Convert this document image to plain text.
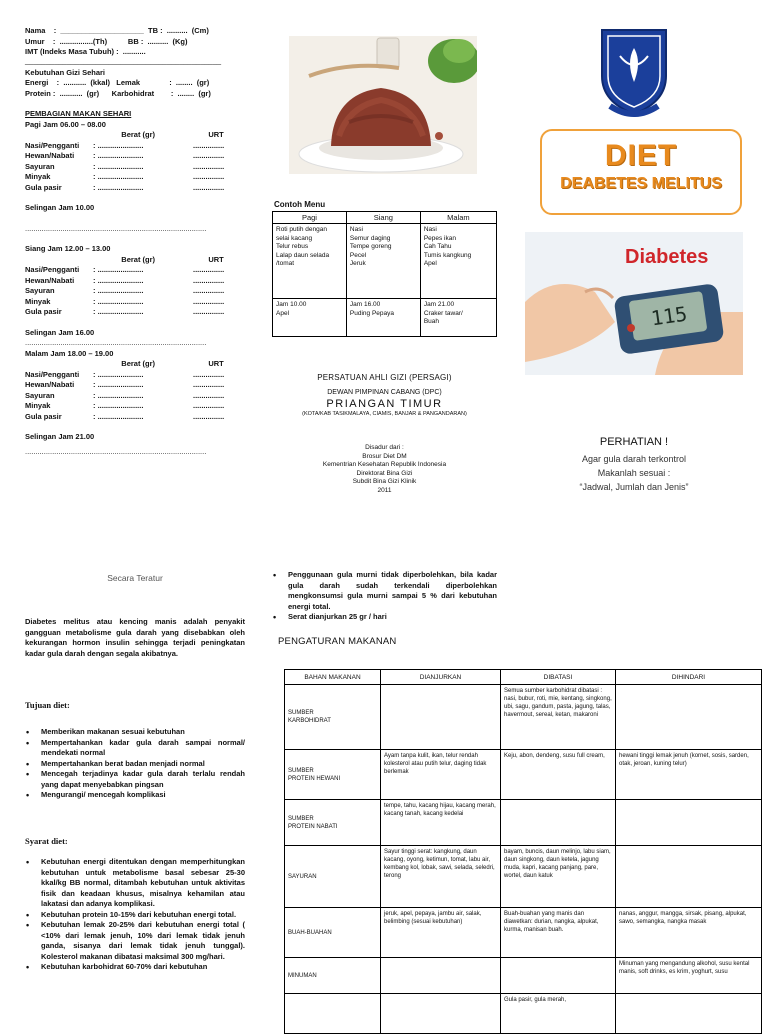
Nama    :  ____________________  TB :  ..........  (Cm)
Umur    :  ................(Th)          BB :  ..........  (Kg)
IMT (Indeks Masa Tubuh) :  ...........
_______________________________________________
Kebutuhan Gizi Sehari
Energi    :  ...........  (kkal)   Lemak              :  ........  (gr)
Protein :  ...........  (gr)      Karbohidrat        :  ........  (gr)
PEMBAGIAN MAKAN SEHARI
Pagi Jam 06.00 – 08.00
Berat (gr)	URT
Nasi/Pengganti	: ......................	...............
Hewan/Nabati	: ......................	...............
Sayuran	: ......................	...............
Minyak	: ......................	...............
Gula pasir	: ......................	...............
Selingan Jam 10.00
.......................................................................................
Siang Jam 12.00 – 13.00
Berat (gr)	URT
Nasi/Pengganti	: ......................	...............
Hewan/Nabati	: ......................	...............
Sayuran	: ......................	...............
Minyak	: ......................	...............
Gula pasir	: ......................	...............
Selingan Jam 16.00
.......................................................................................
Malam Jam 18.00 – 19.00
Berat (gr)	URT
Nasi/Pengganti	: ......................	...............
Hewan/Nabati	: ......................	...............
Sayuran	: ......................	...............
Minyak	: ......................	...............
Gula pasir	: ......................	...............
Selingan Jam 21.00
.......................................................................................
Contoh Menu
Pagi	Siang	Malam

Roti putih dengan
selai kacang
Telur rebus
Lalap daun selada
/tomat	Nasi
Semur daging
Tempe goreng
Pecel
Jeruk	Nasi
Pepes ikan
Cah Tahu
Tumis kangkung
Apel

Jam 10.00
Apel	Jam 16.00
Puding Pepaya	Jam 21.00
Craker tawar/
Buah
PERSATUAN AHLI GIZI (PERSAGI)
DEWAN PIMPINAN CABANG (DPC)
PRIANGAN TIMUR
(KOTA/KAB TASIKMALAYA, CIAMIS, BANJAR & PANGANDARAN)
Disadur dari :
Brosur Diet DM
Kementrian Kesehatan Republik Indonesia
Direktorat Bina Gizi
Subdit Bina Gizi Klinik
2011
DIET
DEABETES MELITUS
Diabetes
115
PERHATIAN !
Agar gula darah terkontrol
Makanlah sesuai :
“Jadwal, Jumlah dan Jenis”
Secara Teratur
Diabetes melitus atau kencing manis adalah penyakit gangguan metabolisme gula darah yang disebabkan oleh kekurangan hormon insulin sehingga terjadi peningkatan kadar gula darah dengan segala akibatnya.
Tujuan diet:
• Memberikan makanan sesuai kebutuhan
• Mempertahankan kadar gula darah sampai normal/ mendekati normal
• Mempertahankan berat badan menjadi normal
• Mencegah terjadinya kadar gula darah terlalu rendah yang dapat menyebabkan pingsan
• Mengurangi/ mencegah komplikasi
Syarat diet:
• Kebutuhan energi ditentukan dengan memperhitungkan kebutuhan untuk metabolisme basal sebesar 25-30 kkal/kg BB normal, ditambah kebutuhan untuk aktivitas fisik dan keadaan khusus, misalnya kehamilan atau lakatasi dan adanya komplikasi.
• Kebutuhan protein 10-15% dari kebutuhan energi total.
• Kebutuhan lemak 20-25% dari kebutuhan energi total ( <10% dari lemak jenuh, 10% dari lemak tidak jenuh ganda, sisanya dari lemak tidak jenuh tunggal). Kolesterol makanan dibatasi maksimal 300 mg/hari.
• Kebutuhan karbohidrat 60-70% dari kebutuhan
• Penggunaan gula murni tidak diperbolehkan, bila kadar gula darah sudah terkendali diperbolehkan mengkonsumsi gula murni sampai 5 % dari kebutuhan energi total.
• Serat dianjurkan 25 gr / hari
PENGATURAN MAKANAN
BAHAN MAKANAN	DIANJURKAN	DIBATASI	DIHINDARI

SUMBER
KARBOHIDRAT		Semua sumber karbohidrat dibatasi : nasi, bubur, roti, mie, kentang, singkong, ubi, sagu, gandum, pasta, jagung, talas, havermout, sereal, ketan, makaroni	

SUMBER
PROTEIN HEWANI	Ayam tanpa kulit, ikan, telur rendah kolesterol atau putih telur, daging tidak berlemak	Keju, abon, dendeng, susu full cream,	hewani tinggi lemak jenuh (kornet, sosis, sarden, otak, jeroan, kuning telur)

SUMBER
PROTEIN NABATI	tempe, tahu, kacang hijau, kacang merah, kacang tanah, kacang kedelai		

SAYURAN	Sayur tinggi serat: kangkung, daun kacang, oyong, ketimun, tomat, labu air, kembang kol, lobak, sawi, selada, seledri, terong	bayam, buncis, daun melinjo, labu siam, daun singkong, daun ketela, jagung muda, kapri, kacang panjang, pare, wortel, daun katuk	

BUAH-BUAHAN	jeruk, apel, pepaya, jambu air, salak, belimbing (sesuai kebutuhan)	Buah-buahan yang manis dan diawetkan: durian, nangka, alpukat, kurma, manisan buah.	nanas, anggur, mangga, sirsak, pisang, alpukat, sawo, semangka, nangka masak

MINUMAN			Minuman yang mengandung alkohol, susu kental manis, soft drinks, es krim, yoghurt, susu

		Gula pasir, gula merah,	
